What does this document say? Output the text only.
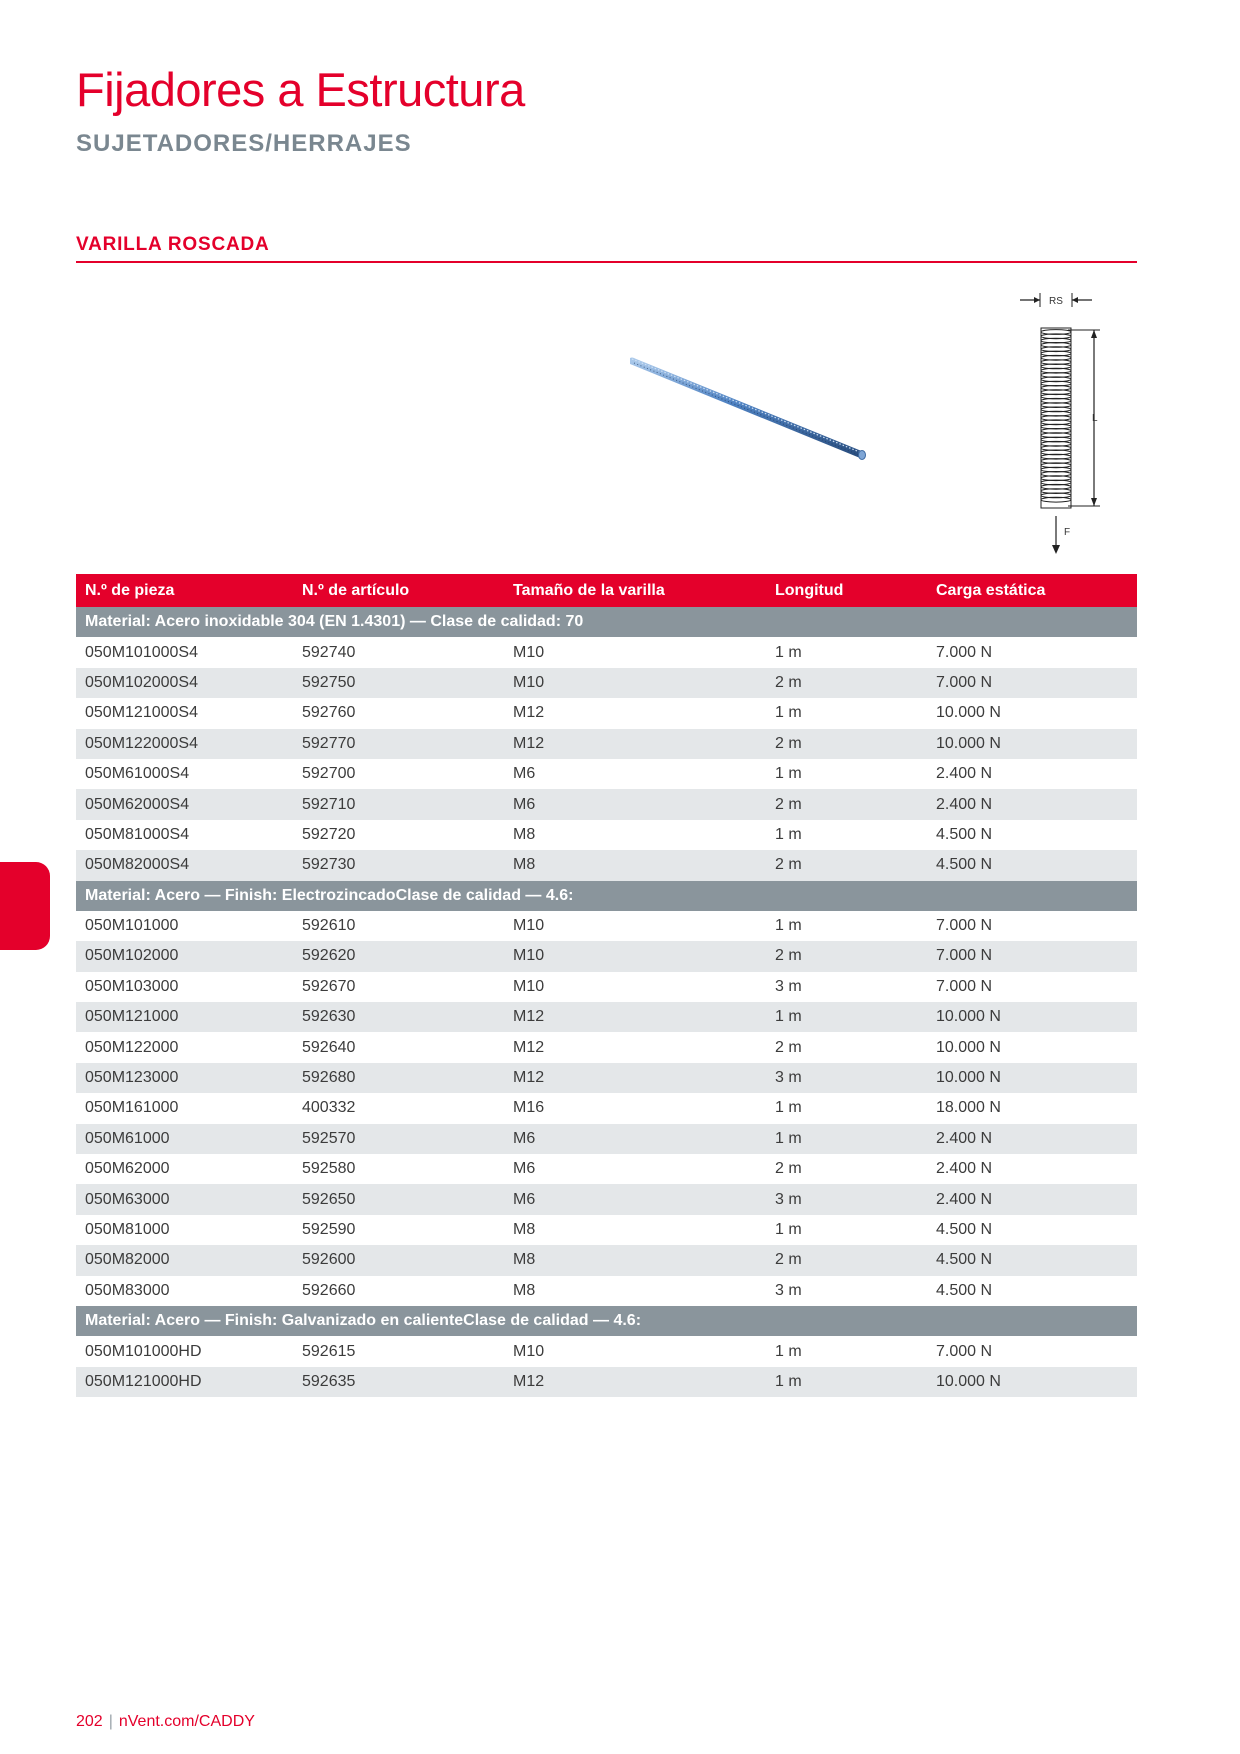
Fijadores a Estructura
SUJETADORES/HERRAJES
VARILLA ROSCADA
RS
L
F
N.º de pieza	N.º de artículo	Tamaño de la varilla	Longitud	Carga estática
Material: Acero inoxidable 304 (EN 1.4301) — Clase de calidad: 70				
050M101000S4	592740	M10	1 m	7.000 N
050M102000S4	592750	M10	2 m	7.000 N
050M121000S4	592760	M12	1 m	10.000 N
050M122000S4	592770	M12	2 m	10.000 N
050M61000S4	592700	M6	1 m	2.400 N
050M62000S4	592710	M6	2 m	2.400 N
050M81000S4	592720	M8	1 m	4.500 N
050M82000S4	592730	M8	2 m	4.500 N
Material: Acero — Finish: ElectrozincadoClase de calidad — 4.6:				
050M101000	592610	M10	1 m	7.000 N
050M102000	592620	M10	2 m	7.000 N
050M103000	592670	M10	3 m	7.000 N
050M121000	592630	M12	1 m	10.000 N
050M122000	592640	M12	2 m	10.000 N
050M123000	592680	M12	3 m	10.000 N
050M161000	400332	M16	1 m	18.000 N
050M61000	592570	M6	1 m	2.400 N
050M62000	592580	M6	2 m	2.400 N
050M63000	592650	M6	3 m	2.400 N
050M81000	592590	M8	1 m	4.500 N
050M82000	592600	M8	2 m	4.500 N
050M83000	592660	M8	3 m	4.500 N
Material: Acero — Finish: Galvanizado en calienteClase de calidad — 4.6:				
050M101000HD	592615	M10	1 m	7.000 N
050M121000HD	592635	M12	1 m	10.000 N
202 | nVent.com/CADDY
